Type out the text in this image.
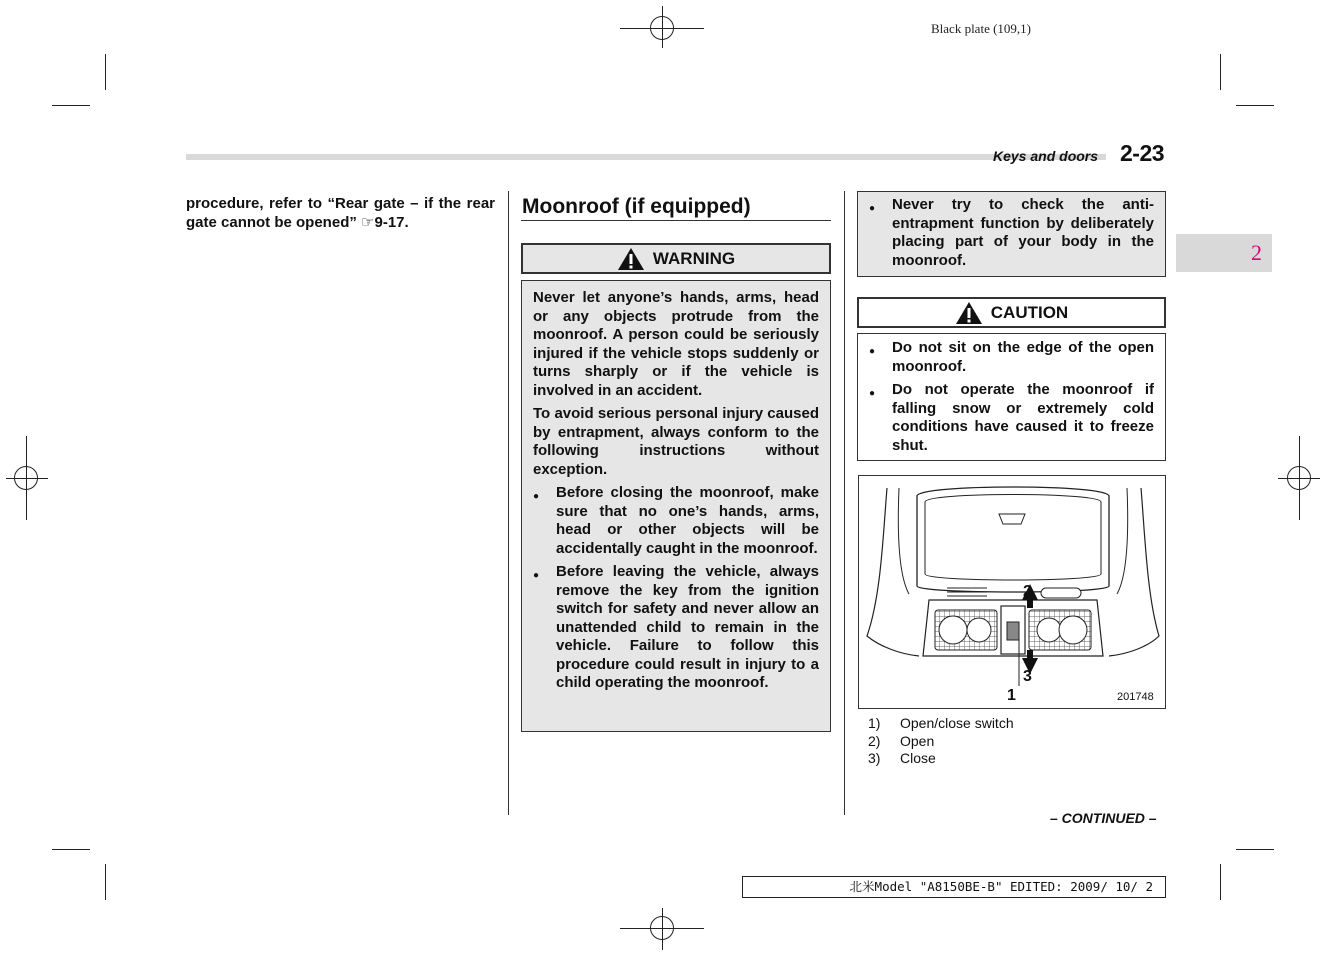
Black plate (109,1)
Keys and doors 2-23
2
procedure, refer to “Rear gate – if the rear gate cannot be opened” ☞9-17.
Moonroof (if equipped)
WARNING

Never let anyone’s hands, arms, head or any objects protrude from the moonroof. A person could be seriously injured if the vehicle stops suddenly or turns sharply or if the vehicle is involved in an accident.

To avoid serious personal injury caused by entrapment, always conform to the following instructions without exception.

● Before closing the moonroof, make sure that no one’s hands, arms, head or other objects will be accidentally caught in the moonroof.
● Before leaving the vehicle, always remove the key from the ignition switch for safety and never allow an unattended child to remain in the vehicle. Failure to follow this procedure could result in injury to a child operating the moonroof.
● Never try to check the anti-entrapment function by deliberately placing part of your body in the moonroof.
CAUTION
● Do not sit on the edge of the open moonroof.
● Do not operate the moonroof if falling snow or extremely cold conditions have caused it to freeze shut.
2
3
1	201748
1) Open/close switch
2) Open
3) Close
– CONTINUED –
北米Model "A8150BE-B" EDITED: 2009/ 10/ 2
